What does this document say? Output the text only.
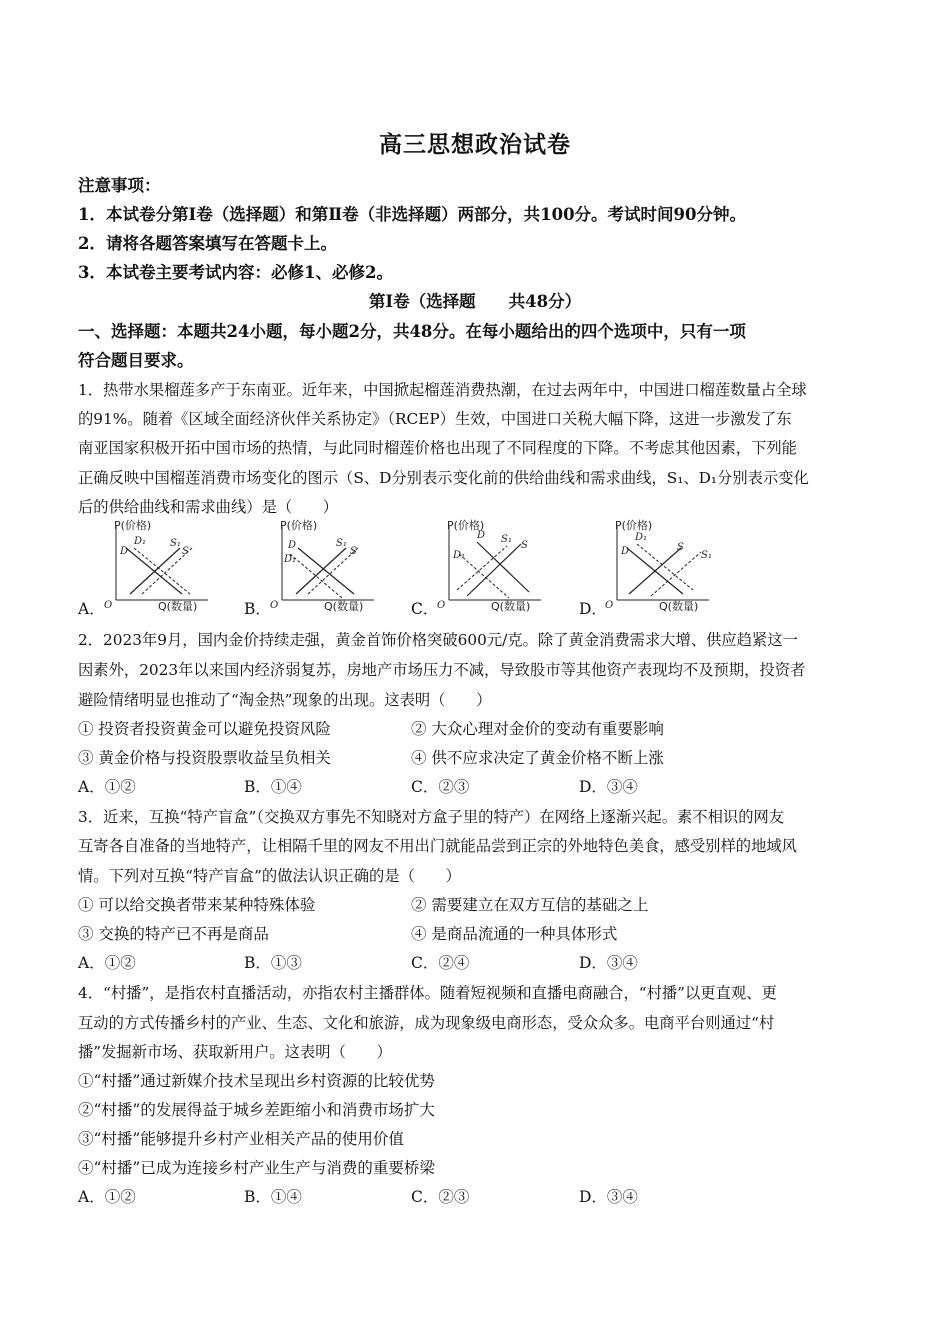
高三思想政治试卷
注意事项：
1．本试卷分第Ⅰ卷（选择题）和第Ⅱ卷（非选择题）两部分，共100分。考试时间90分钟。
2．请将各题答案填写在答题卡上。
3．本试卷主要考试内容：必修1、必修2。
第Ⅰ卷（选择题　　共48分）
一、选择题：本题共24小题，每小题2分，共48分。在每小题给出的四个选项中，只有一项
符合题目要求。
1．热带水果榴莲多产于东南亚。近年来，中国掀起榴莲消费热潮，在过去两年中，中国进口榴莲数量占全球
的91%。随着《区域全面经济伙伴关系协定》（RCEP）生效，中国进口关税大幅下降，这进一步激发了东
南亚国家积极开拓中国市场的热情，与此同时榴莲价格也出现了不同程度的下降。不考虑其他因素，下列能
正确反映中国榴莲消费市场变化的图示（S、D分别表示变化前的供给曲线和需求曲线，S₁、D₁分别表示变化
后的供给曲线和需求曲线）是（　　）
A．
P(价格)
Q(数量)
O
D
D₁
S
S₁
B．
P(价格)
Q(数量)
O
D
D₁
S
S₁
C．
P(价格)
Q(数量)
O
D
D₁
S
S₁
D．
P(价格)
Q(数量)
O
D
D₁
S
S₁
2．2023年9月，国内金价持续走强，黄金首饰价格突破600元/克。除了黄金消费需求大增、供应趋紧这一
因素外，2023年以来国内经济弱复苏，房地产市场压力不减，导致股市等其他资产表现均不及预期，投资者
避险情绪明显也推动了“淘金热”现象的出现。这表明（　　）
① 投资者投资黄金可以避免投资风险	② 大众心理对金价的变动有重要影响
③ 黄金价格与投资股票收益呈负相关	④ 供不应求决定了黄金价格不断上涨
A．①②	B．①④	C．②③	D．③④
3．近来，互换“特产盲盒”（交换双方事先不知晓对方盒子里的特产）在网络上逐渐兴起。素不相识的网友
互寄各自准备的当地特产，让相隔千里的网友不用出门就能品尝到正宗的外地特色美食，感受别样的地域风
情。下列对互换“特产盲盒”的做法认识正确的是（　　）
① 可以给交换者带来某种特殊体验	② 需要建立在双方互信的基础之上
③ 交换的特产已不再是商品	④ 是商品流通的一种具体形式
A．①②	B．①③	C．②④	D．③④
4．“村播”，是指农村直播活动，亦指农村主播群体。随着短视频和直播电商融合，“村播”以更直观、更
互动的方式传播乡村的产业、生态、文化和旅游，成为现象级电商形态，受众众多。电商平台则通过“村
播”发掘新市场、获取新用户。这表明（　　）
①“村播”通过新媒介技术呈现出乡村资源的比较优势
②“村播”的发展得益于城乡差距缩小和消费市场扩大
③“村播”能够提升乡村产业相关产品的使用价值
④“村播”已成为连接乡村产业生产与消费的重要桥梁
A．①②	B．①④	C．②③	D．③④
